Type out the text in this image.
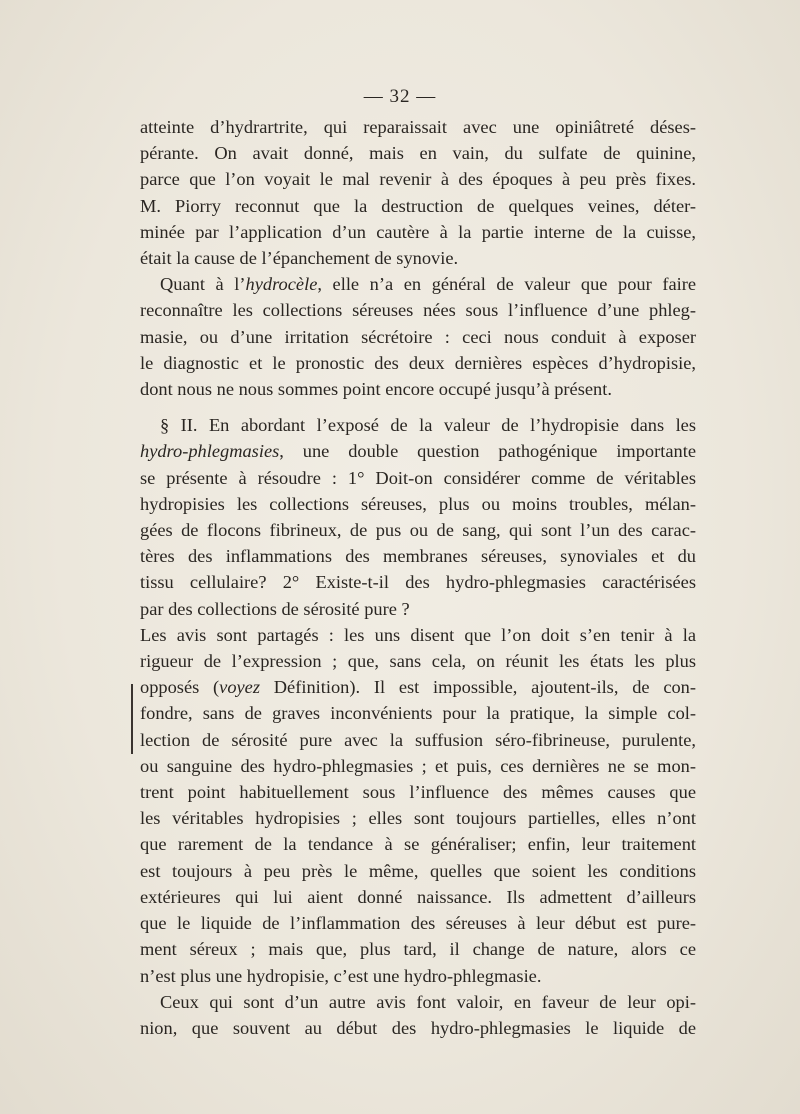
— 32 —
atteinte d’hydrartrite, qui reparaissait avec une opiniâtreté déses-
pérante. On avait donné, mais en vain, du sulfate de quinine,
parce que l’on voyait le mal revenir à des époques à peu près fixes.
M. Piorry reconnut que la destruction de quelques veines, déter-
minée par l’application d’un cautère à la partie interne de la cuisse,
était la cause de l’épanchement de synovie.
Quant à l’hydrocèle, elle n’a en général de valeur que pour faire
reconnaître les collections séreuses nées sous l’influence d’une phleg-
masie, ou d’une irritation sécrétoire : ceci nous conduit à exposer
le diagnostic et le pronostic des deux dernières espèces d’hydropisie,
dont nous ne nous sommes point encore occupé jusqu’à présent.
§ II. En abordant l’exposé de la valeur de l’hydropisie dans les
hydro-phlegmasies, une double question pathogénique importante
se présente à résoudre : 1° Doit-on considérer comme de véritables
hydropisies les collections séreuses, plus ou moins troubles, mélan-
gées de flocons fibrineux, de pus ou de sang, qui sont l’un des carac-
tères des inflammations des membranes séreuses, synoviales et du
tissu cellulaire? 2° Existe-t-il des hydro-phlegmasies caractérisées
par des collections de sérosité pure ?
Les avis sont partagés : les uns disent que l’on doit s’en tenir à la
rigueur de l’expression ; que, sans cela, on réunit les états les plus
opposés (voyez Définition). Il est impossible, ajoutent-ils, de con-
fondre, sans de graves inconvénients pour la pratique, la simple col-
lection de sérosité pure avec la suffusion séro-fibrineuse, purulente,
ou sanguine des hydro-phlegmasies ; et puis, ces dernières ne se mon-
trent point habituellement sous l’influence des mêmes causes que
les véritables hydropisies ; elles sont toujours partielles, elles n’ont
que rarement de la tendance à se généraliser; enfin, leur traitement
est toujours à peu près le même, quelles que soient les conditions
extérieures qui lui aient donné naissance. Ils admettent d’ailleurs
que le liquide de l’inflammation des séreuses à leur début est pure-
ment séreux ; mais que, plus tard, il change de nature, alors ce
n’est plus une hydropisie, c’est une hydro-phlegmasie.
Ceux qui sont d’un autre avis font valoir, en faveur de leur opi-
nion, que souvent au début des hydro-phlegmasies le liquide de
